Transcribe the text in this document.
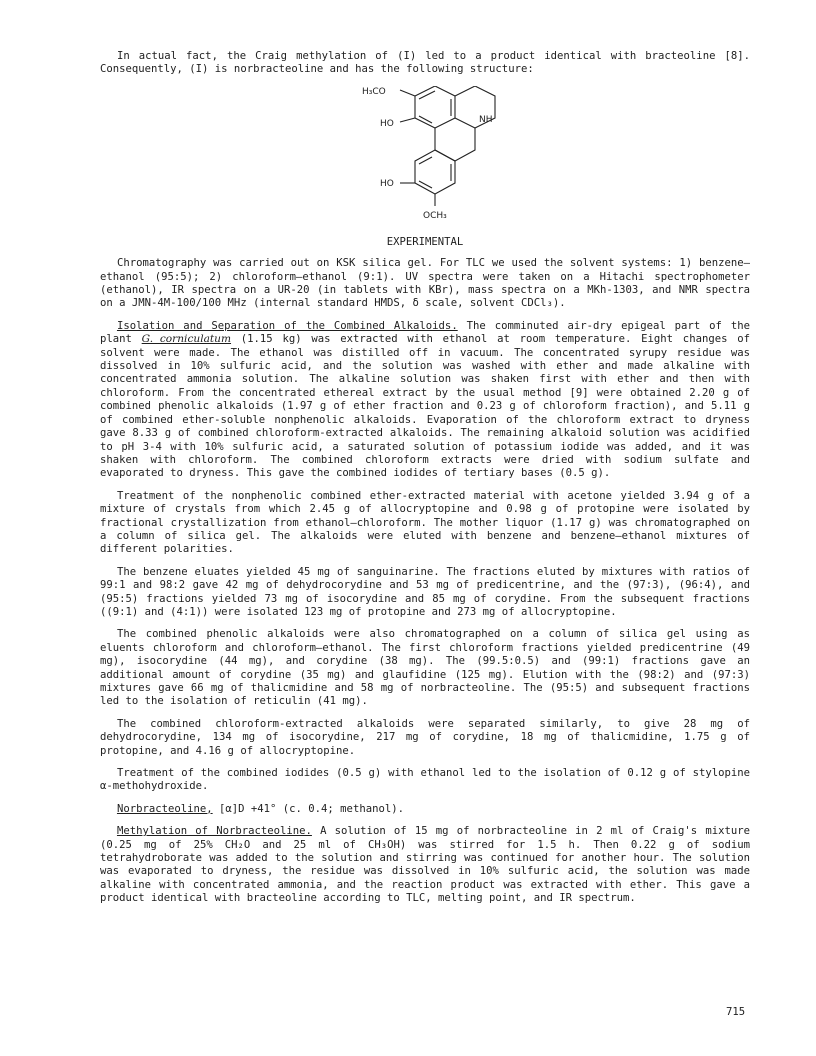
In actual fact, the Craig methylation of (I) led to a product identical with bracteoline [8]. Consequently, (I) is norbracteoline and has the following structure:

H₃CO
HO	NH
HO
OCH₃
EXPERIMENTAL

Chromatography was carried out on KSK silica gel. For TLC we used the solvent systems: 1) benzene—ethanol (95:5); 2) chloroform—ethanol (9:1). UV spectra were taken on a Hitachi spectrophometer (ethanol), IR spectra on a UR-20 (in tablets with KBr), mass spectra on a MKh-1303, and NMR spectra on a JMN-4M-100/100 MHz (internal standard HMDS, δ scale, solvent CDCl₃).

Isolation and Separation of the Combined Alkaloids. The comminuted air-dry epigeal part of the plant G. corniculatum (1.15 kg) was extracted with ethanol at room temperature. Eight changes of solvent were made. The ethanol was distilled off in vacuum. The concentrated syrupy residue was dissolved in 10% sulfuric acid, and the solution was washed with ether and made alkaline with concentrated ammonia solution. The alkaline solution was shaken first with ether and then with chloroform. From the concentrated ethereal extract by the usual method [9] were obtained 2.20 g of combined phenolic alkaloids (1.97 g of ether fraction and 0.23 g of chloroform fraction), and 5.11 g of combined ether-soluble nonphenolic alkaloids. Evaporation of the chloroform extract to dryness gave 8.33 g of combined chloroform-extracted alkaloids. The remaining alkaloid solution was acidified to pH 3-4 with 10% sulfuric acid, a saturated solution of potassium iodide was added, and it was shaken with chloroform. The combined chloroform extracts were dried with sodium sulfate and evaporated to dryness. This gave the combined iodides of tertiary bases (0.5 g).

Treatment of the nonphenolic combined ether-extracted material with acetone yielded 3.94 g of a mixture of crystals from which 2.45 g of allocryptopine and 0.98 g of protopine were isolated by fractional crystallization from ethanol—chloroform. The mother liquor (1.17 g) was chromatographed on a column of silica gel. The alkaloids were eluted with benzene and benzene—ethanol mixtures of different polarities.

The benzene eluates yielded 45 mg of sanguinarine. The fractions eluted by mixtures with ratios of 99:1 and 98:2 gave 42 mg of dehydrocorydine and 53 mg of predicentrine, and the (97:3), (96:4), and (95:5) fractions yielded 73 mg of isocorydine and 85 mg of corydine. From the subsequent fractions ((9:1) and (4:1)) were isolated 123 mg of protopine and 273 mg of allocryptopine.

The combined phenolic alkaloids were also chromatographed on a column of silica gel using as eluents chloroform and chloroform—ethanol. The first chloroform fractions yielded predicentrine (49 mg), isocorydine (44 mg), and corydine (38 mg). The (99.5:0.5) and (99:1) fractions gave an additional amount of corydine (35 mg) and glaufidine (125 mg). Elution with the (98:2) and (97:3) mixtures gave 66 mg of thalicmidine and 58 mg of norbracteoline. The (95:5) and subsequent fractions led to the isolation of reticulin (41 mg).

The combined chloroform-extracted alkaloids were separated similarly, to give 28 mg of dehydrocorydine, 134 mg of isocorydine, 217 mg of corydine, 18 mg of thalicmidine, 1.75 g of protopine, and 4.16 g of allocryptopine.

Treatment of the combined iodides (0.5 g) with ethanol led to the isolation of 0.12 g of stylopine α-methohydroxide.

Norbracteoline, [α]D +41° (c. 0.4; methanol).

Methylation of Norbracteoline. A solution of 15 mg of norbracteoline in 2 ml of Craig's mixture (0.25 mg of 25% CH₂O and 25 ml of CH₃OH) was stirred for 1.5 h. Then 0.22 g of sodium tetrahydroborate was added to the solution and stirring was continued for another hour. The solution was evaporated to dryness, the residue was dissolved in 10% sulfuric acid, the solution was made alkaline with concentrated ammonia, and the reaction product was extracted with ether. This gave a product identical with bracteoline according to TLC, melting point, and IR spectrum.

715
